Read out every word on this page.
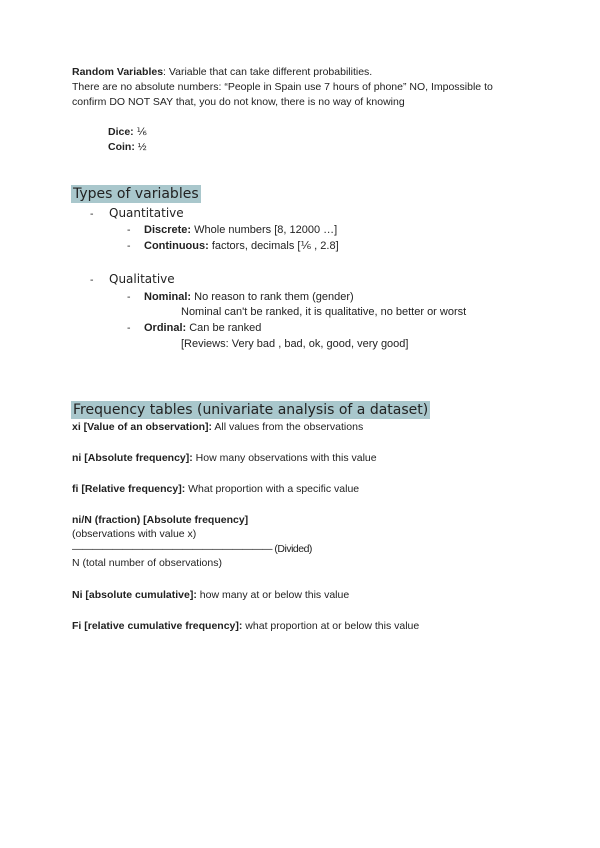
Random Variables: Variable that can take different probabilities.
There are no absolute numbers: “People in Spain use 7 hours of phone” NO, Impossible to
confirm DO NOT SAY that, you do not know, there is no way of knowing
Dice: ⅙
Coin: ½
Types of variables
- Quantitative
- Discrete: Whole numbers [8, 12000 …]
- Continuous: factors, decimals [⅙ , 2.8]
- Qualitative
- Nominal: No reason to rank them (gender)
Nominal can't be ranked, it is qualitative, no better or worst
- Ordinal: Can be ranked
[Reviews: Very bad , bad, ok, good, very good]
Frequency tables (univariate analysis of a dataset)
xi [Value of an observation]: All values from the observations
ni [Absolute frequency]: How many observations with this value
fi [Relative frequency]: What proportion with a specific value
ni/N (fraction) [Absolute frequency]
(observations with value x)
———————————————————— (Divided)
N (total number of observations)
Ni [absolute cumulative]: how many at or below this value
Fi [relative cumulative frequency]: what proportion at or below this value
